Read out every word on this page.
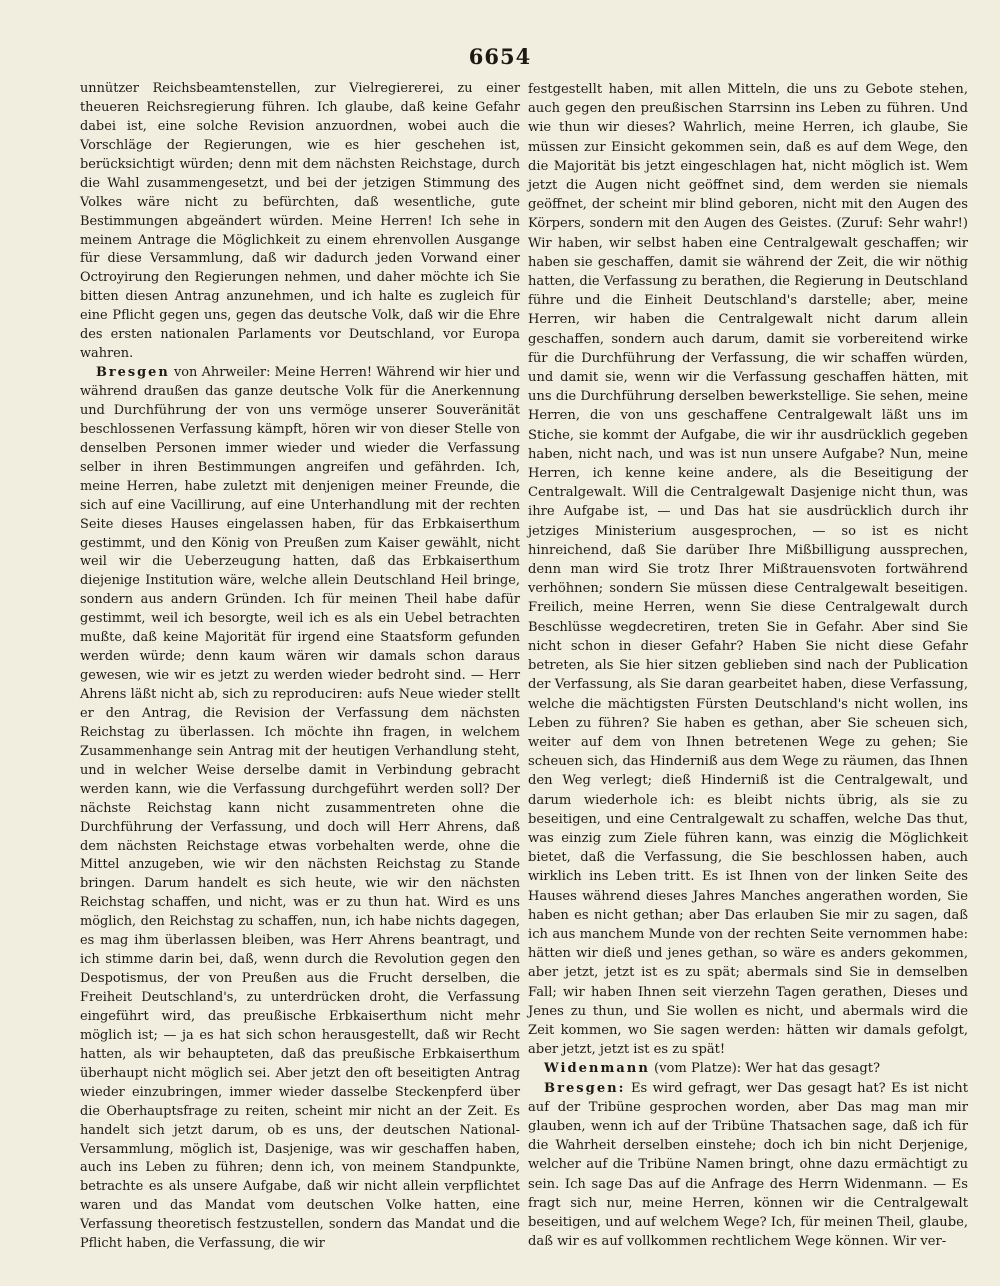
6654

unnützer Reichsbeamtenstellen, zur Vielregiererei, zu einer theueren Reichsregierung führen. Ich glaube, daß keine Gefahr dabei ist, eine solche Revision anzuordnen, wobei auch die Vorschläge der Regierungen, wie es hier geschehen ist, berücksichtigt würden; denn mit dem nächsten Reichstage, durch die Wahl zusammengesetzt, und bei der jetzigen Stimmung des Volkes wäre nicht zu befürchten, daß wesentliche, gute Bestimmungen abgeändert würden. Meine Herren! Ich sehe in meinem Antrage die Möglichkeit zu einem ehrenvollen Ausgange für diese Versammlung, daß wir dadurch jeden Vorwand einer Octroyirung den Regierungen nehmen, und daher möchte ich Sie bitten diesen Antrag anzunehmen, und ich halte es zugleich für eine Pflicht gegen uns, gegen das deutsche Volk, daß wir die Ehre des ersten nationalen Parlaments vor Deutschland, vor Europa wahren.

Bresgen von Ahrweiler: Meine Herren! Während wir hier und während draußen das ganze deutsche Volk für die Anerkennung und Durchführung der von uns vermöge unserer Souveränität beschlossenen Verfassung kämpft, hören wir von dieser Stelle von denselben Personen immer wieder und wieder die Verfassung selber in ihren Bestimmungen angreifen und gefährden. Ich, meine Herren, habe zuletzt mit denjenigen meiner Freunde, die sich auf eine Vacillirung, auf eine Unterhandlung mit der rechten Seite dieses Hauses eingelassen haben, für das Erbkaiserthum gestimmt, und den König von Preußen zum Kaiser gewählt, nicht weil wir die Ueberzeugung hatten, daß das Erbkaiserthum diejenige Institution wäre, welche allein Deutschland Heil bringe, sondern aus andern Gründen. Ich für meinen Theil habe dafür gestimmt, weil ich besorgte, weil ich es als ein Uebel betrachten mußte, daß keine Majorität für irgend eine Staatsform gefunden werden würde; denn kaum wären wir damals schon daraus gewesen, wie wir es jetzt zu werden wieder bedroht sind. — Herr Ahrens läßt nicht ab, sich zu reproduciren: aufs Neue wieder stellt er den Antrag, die Revision der Verfassung dem nächsten Reichstag zu überlassen. Ich möchte ihn fragen, in welchem Zusammenhange sein Antrag mit der heutigen Verhandlung steht, und in welcher Weise derselbe damit in Verbindung gebracht werden kann, wie die Verfassung durchgeführt werden soll? Der nächste Reichstag kann nicht zusammentreten ohne die Durchführung der Verfassung, und doch will Herr Ahrens, daß dem nächsten Reichstage etwas vorbehalten werde, ohne die Mittel anzugeben, wie wir den nächsten Reichstag zu Stande bringen. Darum handelt es sich heute, wie wir den nächsten Reichstag schaffen, und nicht, was er zu thun hat. Wird es uns möglich, den Reichstag zu schaffen, nun, ich habe nichts dagegen, es mag ihm überlassen bleiben, was Herr Ahrens beantragt, und ich stimme darin bei, daß, wenn durch die Revolution gegen den Despotismus, der von Preußen aus die Frucht derselben, die Freiheit Deutschland's, zu unterdrücken droht, die Verfassung eingeführt wird, das preußische Erbkaiserthum nicht mehr möglich ist; — ja es hat sich schon herausgestellt, daß wir Recht hatten, als wir behaupteten, daß das preußische Erbkaiserthum überhaupt nicht möglich sei. Aber jetzt den oft beseitigten Antrag wieder einzubringen, immer wieder dasselbe Steckenpferd über die Oberhauptsfrage zu reiten, scheint mir nicht an der Zeit. Es handelt sich jetzt darum, ob es uns, der deutschen National-Versammlung, möglich ist, Dasjenige, was wir geschaffen haben, auch ins Leben zu führen; denn ich, von meinem Standpunkte, betrachte es als unsere Aufgabe, daß wir nicht allein verpflichtet waren und das Mandat vom deutschen Volke hatten, eine Verfassung theoretisch festzustellen, sondern das Mandat und die Pflicht haben, die Verfassung, die wir

festgestellt haben, mit allen Mitteln, die uns zu Gebote stehen, auch gegen den preußischen Starrsinn ins Leben zu führen. Und wie thun wir dieses? Wahrlich, meine Herren, ich glaube, Sie müssen zur Einsicht gekommen sein, daß es auf dem Wege, den die Majorität bis jetzt eingeschlagen hat, nicht möglich ist. Wem jetzt die Augen nicht geöffnet sind, dem werden sie niemals geöffnet, der scheint mir blind geboren, nicht mit den Augen des Körpers, sondern mit den Augen des Geistes. (Zuruf: Sehr wahr!) Wir haben, wir selbst haben eine Centralgewalt geschaffen; wir haben sie geschaffen, damit sie während der Zeit, die wir nöthig hatten, die Verfassung zu berathen, die Regierung in Deutschland führe und die Einheit Deutschland's darstelle; aber, meine Herren, wir haben die Centralgewalt nicht darum allein geschaffen, sondern auch darum, damit sie vorbereitend wirke für die Durchführung der Verfassung, die wir schaffen würden, und damit sie, wenn wir die Verfassung geschaffen hätten, mit uns die Durchführung derselben bewerkstellige. Sie sehen, meine Herren, die von uns geschaffene Centralgewalt läßt uns im Stiche, sie kommt der Aufgabe, die wir ihr ausdrücklich gegeben haben, nicht nach, und was ist nun unsere Aufgabe? Nun, meine Herren, ich kenne keine andere, als die Beseitigung der Centralgewalt. Will die Centralgewalt Dasjenige nicht thun, was ihre Aufgabe ist, — und Das hat sie ausdrücklich durch ihr jetziges Ministerium ausgesprochen, — so ist es nicht hinreichend, daß Sie darüber Ihre Mißbilligung aussprechen, denn man wird Sie trotz Ihrer Mißtrauensvoten fortwährend verhöhnen; sondern Sie müssen diese Centralgewalt beseitigen. Freilich, meine Herren, wenn Sie diese Centralgewalt durch Beschlüsse wegdecretiren, treten Sie in Gefahr. Aber sind Sie nicht schon in dieser Gefahr? Haben Sie nicht diese Gefahr betreten, als Sie hier sitzen geblieben sind nach der Publication der Verfassung, als Sie daran gearbeitet haben, diese Verfassung, welche die mächtigsten Fürsten Deutschland's nicht wollen, ins Leben zu führen? Sie haben es gethan, aber Sie scheuen sich, weiter auf dem von Ihnen betretenen Wege zu gehen; Sie scheuen sich, das Hinderniß aus dem Wege zu räumen, das Ihnen den Weg verlegt; dieß Hinderniß ist die Centralgewalt, und darum wiederhole ich: es bleibt nichts übrig, als sie zu beseitigen, und eine Centralgewalt zu schaffen, welche Das thut, was einzig zum Ziele führen kann, was einzig die Möglichkeit bietet, daß die Verfassung, die Sie beschlossen haben, auch wirklich ins Leben tritt. Es ist Ihnen von der linken Seite des Hauses während dieses Jahres Manches angerathen worden, Sie haben es nicht gethan; aber Das erlauben Sie mir zu sagen, daß ich aus manchem Munde von der rechten Seite vernommen habe: hätten wir dieß und jenes gethan, so wäre es anders gekommen, aber jetzt, jetzt ist es zu spät; abermals sind Sie in demselben Fall; wir haben Ihnen seit vierzehn Tagen gerathen, Dieses und Jenes zu thun, und Sie wollen es nicht, und abermals wird die Zeit kommen, wo Sie sagen werden: hätten wir damals gefolgt, aber jetzt, jetzt ist es zu spät!

Widenmann (vom Platze): Wer hat das gesagt?

Bresgen: Es wird gefragt, wer Das gesagt hat? Es ist nicht auf der Tribüne gesprochen worden, aber Das mag man mir glauben, wenn ich auf der Tribüne Thatsachen sage, daß ich für die Wahrheit derselben einstehe; doch ich bin nicht Derjenige, welcher auf die Tribüne Namen bringt, ohne dazu ermächtigt zu sein. Ich sage Das auf die Anfrage des Herrn Widenmann. — Es fragt sich nur, meine Herren, können wir die Centralgewalt beseitigen, und auf welchem Wege? Ich, für meinen Theil, glaube, daß wir es auf vollkommen rechtlichem Wege können. Wir ver-
